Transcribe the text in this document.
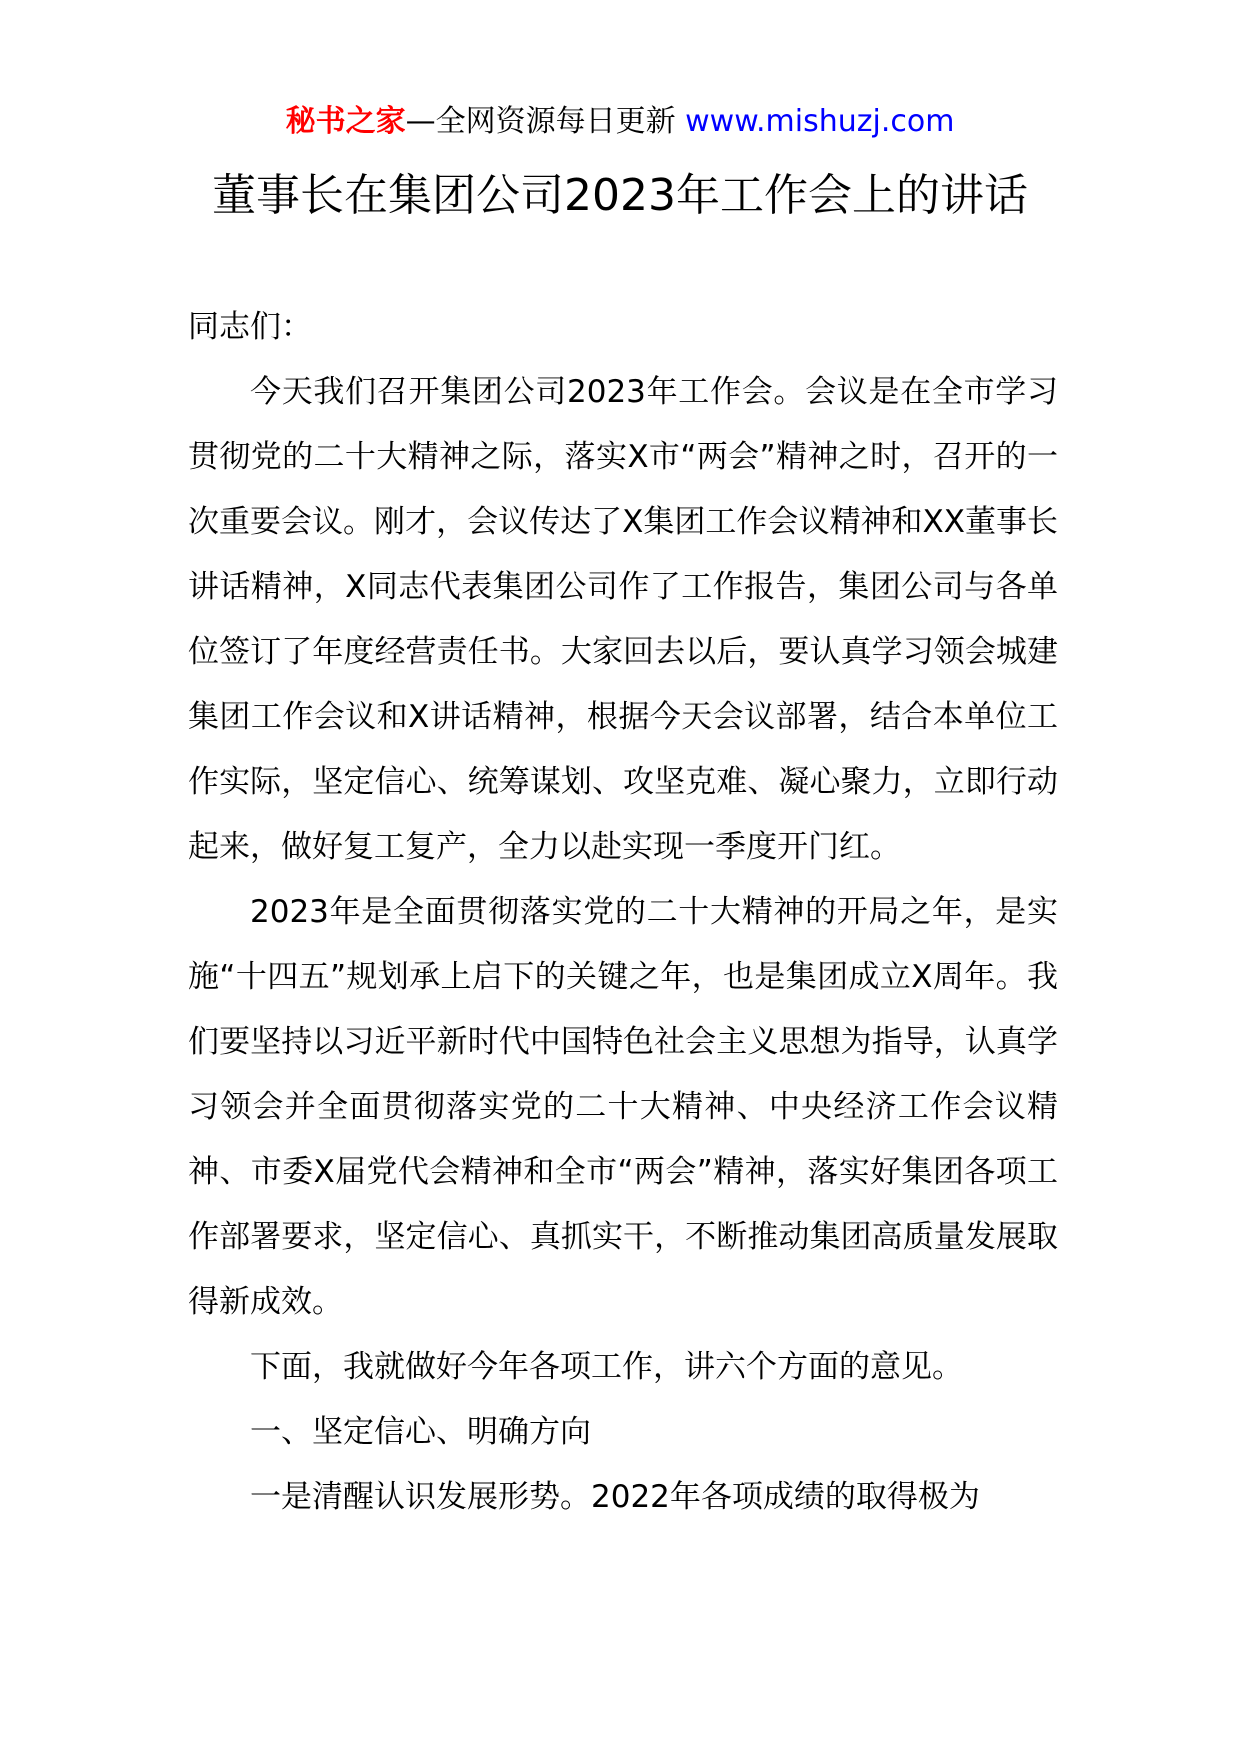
秘书之家—全网资源每日更新 www.mishuzj.com
董事长在集团公司2023年工作会上的讲话

同志们：

今天我们召开集团公司2023年工作会。会议是在全市学习贯彻党的二十大精神之际，落实X市“两会”精神之时，召开的一次重要会议。刚才，会议传达了X集团工作会议精神和XX董事长讲话精神，X同志代表集团公司作了工作报告，集团公司与各单位签订了年度经营责任书。大家回去以后，要认真学习领会城建集团工作会议和X讲话精神，根据今天会议部署，结合本单位工作实际，坚定信心、统筹谋划、攻坚克难、凝心聚力，立即行动起来，做好复工复产，全力以赴实现一季度开门红。

2023年是全面贯彻落实党的二十大精神的开局之年，是实施“十四五”规划承上启下的关键之年，也是集团成立X周年。我们要坚持以习近平新时代中国特色社会主义思想为指导，认真学习领会并全面贯彻落实党的二十大精神、中央经济工作会议精神、市委X届党代会精神和全市“两会”精神，落实好集团各项工作部署要求，坚定信心、真抓实干，不断推动集团高质量发展取得新成效。

下面，我就做好今年各项工作，讲六个方面的意见。

一、坚定信心、明确方向

一是清醒认识发展形势。2022年各项成绩的取得极为
